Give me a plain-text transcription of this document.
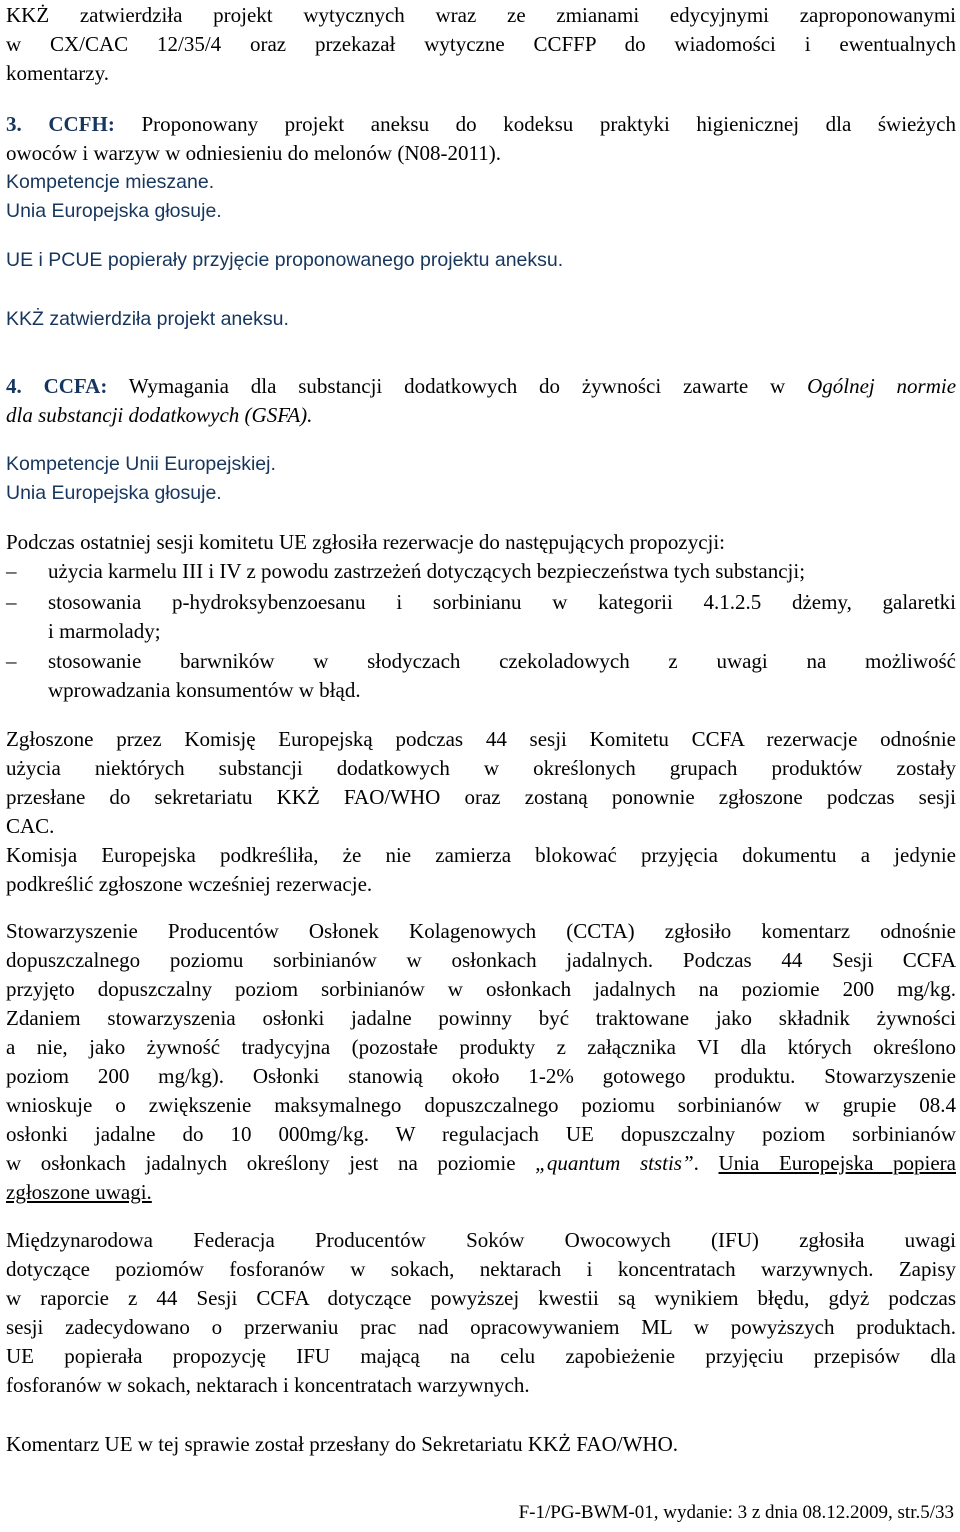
KKŻ zatwierdziła projekt wytycznych wraz ze zmianami edycyjnymi zaproponowanymi
w CX/CAC 12/35/4 oraz przekazał wytyczne CCFFP do wiadomości i ewentualnych
komentarzy.
3. CCFH: Proponowany projekt aneksu do kodeksu praktyki higienicznej dla świeżych
owoców i warzyw w odniesieniu do melonów (N08-2011).
Kompetencje mieszane.
Unia Europejska głosuje.
UE i PCUE popierały przyjęcie proponowanego projektu aneksu.
KKŻ zatwierdziła projekt aneksu.
4. CCFA: Wymagania dla substancji dodatkowych do żywności zawarte w Ogólnej normie
dla substancji dodatkowych (GSFA).
Kompetencje Unii Europejskiej.
Unia Europejska głosuje.
Podczas ostatniej sesji komitetu UE zgłosiła rezerwacje do następujących propozycji:
–	użycia karmelu III i IV z powodu zastrzeżeń dotyczących bezpieczeństwa tych substancji;
–	stosowania p-hydroksybenzoesanu i sorbinianu w kategorii 4.1.2.5 dżemy, galaretki
i marmolady;
–	stosowanie barwników w słodyczach czekoladowych z uwagi na możliwość
wprowadzania konsumentów w błąd.
Zgłoszone przez Komisję Europejską podczas 44 sesji Komitetu CCFA rezerwacje odnośnie
użycia niektórych substancji dodatkowych w określonych grupach produktów zostały
przesłane do sekretariatu KKŻ FAO/WHO oraz zostaną ponownie zgłoszone podczas sesji
CAC.
Komisja Europejska podkreśliła, że nie zamierza blokować przyjęcia dokumentu a jedynie
podkreślić zgłoszone wcześniej rezerwacje.
Stowarzyszenie Producentów Osłonek Kolagenowych (CCTA) zgłosiło komentarz odnośnie
dopuszczalnego poziomu sorbinianów w osłonkach jadalnych. Podczas 44 Sesji CCFA
przyjęto dopuszczalny poziom sorbinianów w osłonkach jadalnych na poziomie 200 mg/kg.
Zdaniem stowarzyszenia osłonki jadalne powinny być traktowane jako składnik żywności
a nie, jako żywność tradycyjna (pozostałe produkty z załącznika VI dla których określono
poziom 200 mg/kg). Osłonki stanowią około 1-2% gotowego produktu. Stowarzyszenie
wnioskuje o zwiększenie maksymalnego dopuszczalnego poziomu sorbinianów w grupie 08.4
osłonki jadalne do 10 000mg/kg. W regulacjach UE dopuszczalny poziom sorbinianów
w osłonkach jadalnych określony jest na poziomie „quantum ststis”. Unia Europejska popiera
zgłoszone uwagi.
Międzynarodowa Federacja Producentów Soków Owocowych (IFU) zgłosiła uwagi
dotyczące poziomów fosforanów w sokach, nektarach i koncentratach warzywnych. Zapisy
w raporcie z 44 Sesji CCFA dotyczące powyższej kwestii są wynikiem błędu, gdyż podczas
sesji zadecydowano o przerwaniu prac nad opracowywaniem ML w powyższych produktach.
UE popierała propozycję IFU mającą na celu zapobieżenie przyjęciu przepisów dla
fosforanów w sokach, nektarach i koncentratach warzywnych.
Komentarz UE w tej sprawie został przesłany do Sekretariatu KKŻ FAO/WHO.
F-1/PG-BWM-01, wydanie: 3 z dnia 08.12.2009, str.5/33
